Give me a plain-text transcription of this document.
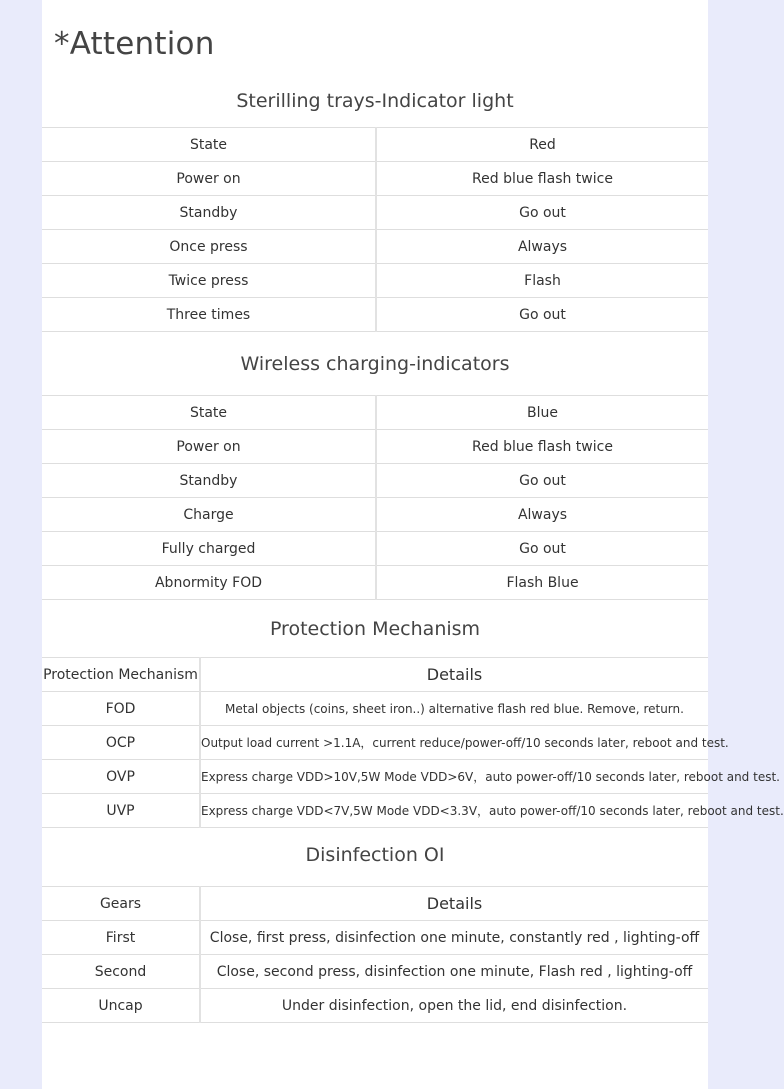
*Attention
Sterilling trays-Indicator light
State	Red
Power on	Red blue flash twice
Standby	Go out
Once press	Always
Twice press	Flash
Three times	Go out
Wireless charging-indicators
State	Blue
Power on	Red blue flash twice
Standby	Go out
Charge	Always
Fully charged	Go out
Abnormity FOD	Flash Blue
Protection Mechanism
Protection Mechanism	Details
FOD	Metal objects (coins, sheet iron..) alternative flash red blue. Remove, return.
OCP	Output load current >1.1A，current reduce/power-off/10 seconds later, reboot and test.
OVP	Express charge VDD>10V,5W Mode VDD>6V，auto power-off/10 seconds later, reboot and test.
UVP	Express charge VDD<7V,5W Mode VDD<3.3V，auto power-off/10 seconds later, reboot and test.
Disinfection OI
Gears	Details
First	Close, first press, disinfection one minute, constantly red , lighting-off
Second	Close, second press, disinfection one minute, Flash red , lighting-off
Uncap	Under disinfection, open the lid, end disinfection.
